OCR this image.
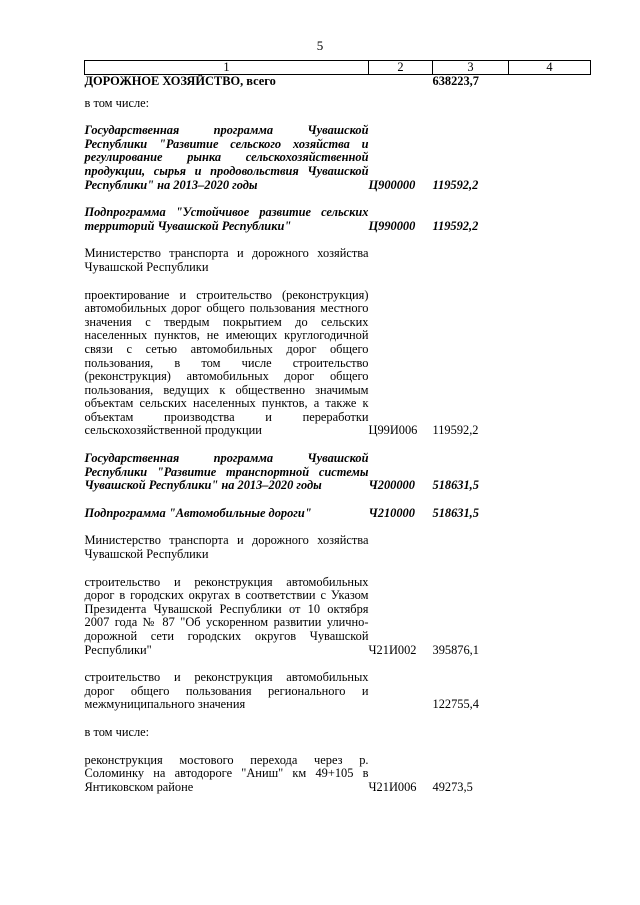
5
1	2	3	4
ДОРОЖНОЕ ХОЗЯЙСТВО, всего		638223,7	

в том числе:			

Государственная программа Чувашской Республики "Развитие сельского хозяйства и регулирование рынка сельскохозяйственной продукции, сырья и продовольствия Чувашской Республики" на 2013–2020 годы	Ц900000	119592,2	

Подпрограмма "Устойчивое развитие сельских территорий Чувашской Республики"	Ц990000	119592,2	

Министерство транспорта и дорожного хозяйства Чувашской Республики			

проектирование и строительство (реконструкция) автомобильных дорог общего пользования местного значения с твердым покрытием до сельских населенных пунктов, не имеющих круглогодичной связи с сетью автомобильных дорог общего пользования, в том числе строительство (реконструкция) автомобильных дорог общего пользования, ведущих к общественно значимым объектам сельских населенных пунктов, а также к объектам производства и переработки сельскохозяйственной продукции	Ц99И006	119592,2	

Государственная программа Чувашской Республики "Развитие транспортной системы Чувашской Республики" на 2013–2020 годы	Ч200000	518631,5	

Подпрограмма "Автомобильные дороги"	Ч210000	518631,5	

Министерство транспорта и дорожного хозяйства Чувашской Республики			

строительство и реконструкция автомобильных дорог в городских округах в соответствии с Указом Президента Чувашской Республики от 10 октября 2007 года № 87 "Об ускоренном развитии улично-дорожной сети городских округов Чувашской Республики"	Ч21И002	395876,1	

строительство и реконструкция автомобильных дорог общего пользования регионального и межмуниципального значения		122755,4	

в том числе:			

реконструкция мостового перехода через р. Соломинку на автодороге "Аниш" км 49+105 в Янтиковском районе	Ч21И006	49273,5	
